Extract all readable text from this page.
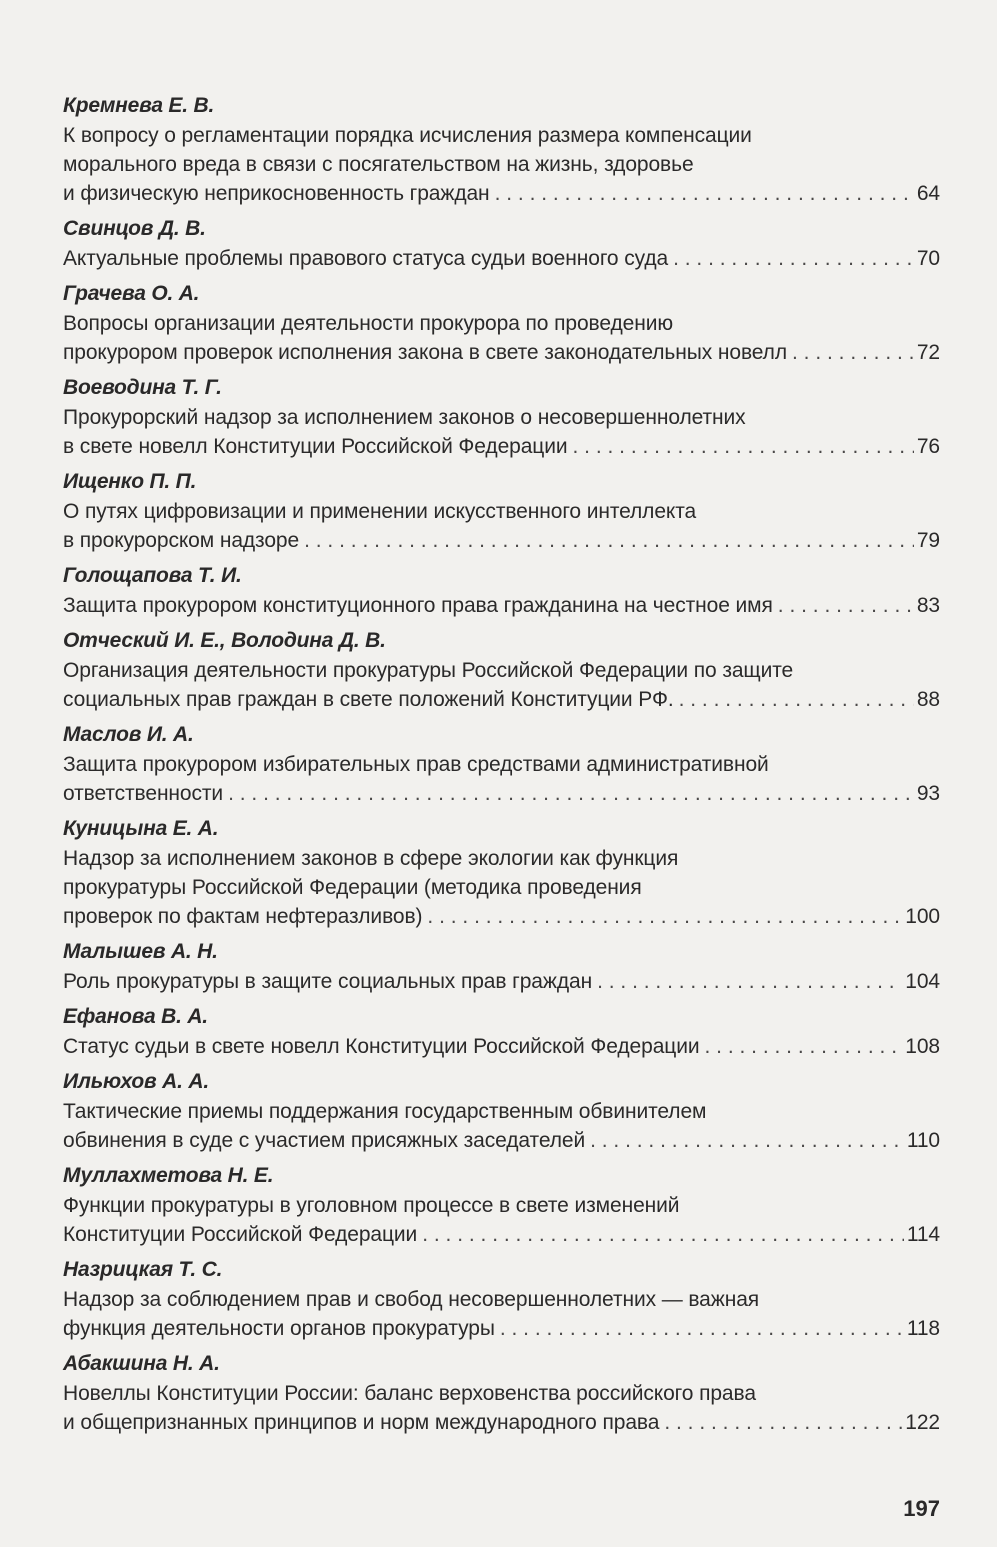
Кремнева Е. В.
К вопросу о регламентации порядка исчисления размера компенсации
морального вреда в связи с посягательством на жизнь, здоровье
и физическую неприкосновенность граждан . . .	64
Свинцов Д. В.
Актуальные проблемы правового статуса судьи военного суда . . .	70
Грачева О. А.
Вопросы организации деятельности прокурора по проведению
прокурором проверок исполнения закона в свете законодательных новелл . . .	72
Воеводина Т. Г.
Прокурорский надзор за исполнением законов о несовершеннолетних
в свете новелл Конституции Российской Федерации . . .	76
Ищенко П. П.
О путях цифровизации и применении искусственного интеллекта
в прокурорском надзоре . . .	79
Голощапова Т. И.
Защита прокурором конституционного права гражданина на честное имя . . .	83
Отческий И. Е., Володина Д. В.
Организация деятельности прокуратуры Российской Федерации по защите
социальных прав граждан в свете положений Конституции РФ. . . .	88
Маслов И. А.
Защита прокурором избирательных прав средствами административной
ответственности . . .	93
Куницына Е. А.
Надзор за исполнением законов в сфере экологии как функция
прокуратуры Российской Федерации (методика проведения
проверок по фактам нефтеразливов) . . .	100
Малышев А. Н.
Роль прокуратуры в защите социальных прав граждан . . .	104
Ефанова В. А.
Статус судьи в свете новелл Конституции Российской Федерации . . .	108
Ильюхов А. А.
Тактические приемы поддержания государственным обвинителем
обвинения в суде с участием присяжных заседателей . . .	110
Муллахметова Н. Е.
Функции прокуратуры в уголовном процессе в свете изменений
Конституции Российской Федерации . . .	114
Назрицкая Т. С.
Надзор за соблюдением прав и свобод несовершеннолетних — важная
функция деятельности органов прокуратуры . . .	118
Абакшина Н. А.
Новеллы Конституции России: баланс верховенства российского права
и общепризнанных принципов и норм международного права . . .	122
197
